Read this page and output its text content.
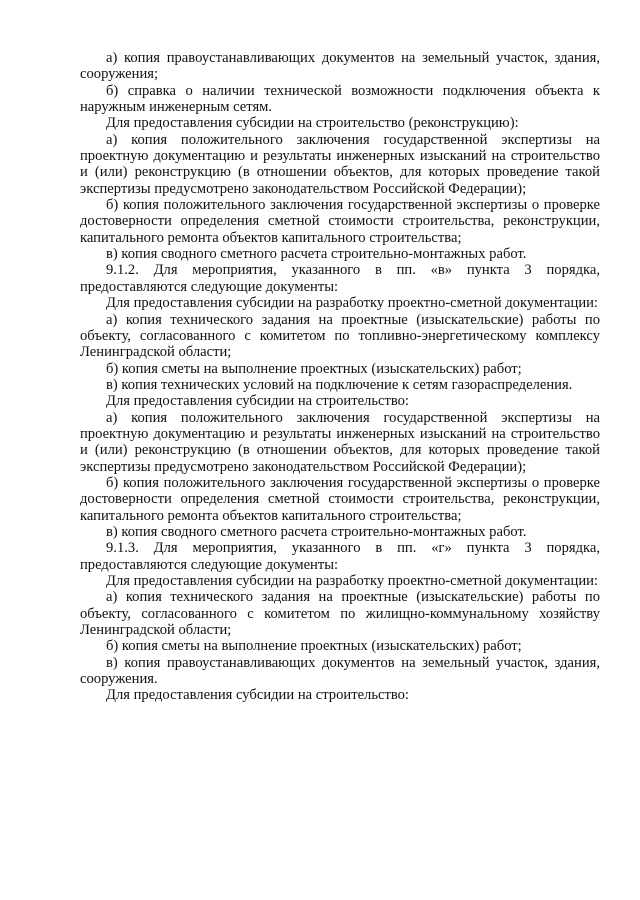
а) копия правоустанавливающих документов на земельный участок, здания, сооружения;

б) справка о наличии технической возможности подключения объекта к наружным инженерным сетям.

Для предоставления субсидии на строительство (реконструкцию):

а) копия положительного заключения государственной экспертизы на проектную документацию и результаты инженерных изысканий на строительство и (или) реконструкцию (в отношении объектов, для которых проведение такой экспертизы предусмотрено законодательством Российской Федерации);

б) копия положительного заключения государственной экспертизы о проверке достоверности определения сметной стоимости строительства, реконструкции, капитального ремонта объектов капитального строительства;

в) копия сводного сметного расчета строительно-монтажных работ.

9.1.2. Для мероприятия, указанного в пп. «в» пункта 3 порядка, предоставляются следующие документы:

Для предоставления субсидии на разработку проектно-сметной документации:

а) копия технического задания на проектные (изыскательские) работы по объекту, согласованного с комитетом по топливно-энергетическому комплексу Ленинградской области;

б) копия сметы на выполнение проектных (изыскательских) работ;

в) копия технических условий на подключение к сетям газораспределения.

Для предоставления субсидии на строительство:

а) копия положительного заключения государственной экспертизы на проектную документацию и результаты инженерных изысканий на строительство и (или) реконструкцию (в отношении объектов, для которых проведение такой экспертизы предусмотрено законодательством Российской Федерации);

б) копия положительного заключения государственной экспертизы о проверке достоверности определения сметной стоимости строительства, реконструкции, капитального ремонта объектов капитального строительства;

в) копия сводного сметного расчета строительно-монтажных работ.

9.1.3. Для мероприятия, указанного в пп. «г» пункта 3 порядка, предоставляются следующие документы:

Для предоставления субсидии на разработку проектно-сметной документации:

а) копия технического задания на проектные (изыскательские) работы по объекту, согласованного с комитетом по жилищно-коммунальному хозяйству Ленинградской области;

б) копия сметы на выполнение проектных (изыскательских) работ;

в) копия правоустанавливающих документов на земельный участок, здания, сооружения.

Для предоставления субсидии на строительство:
